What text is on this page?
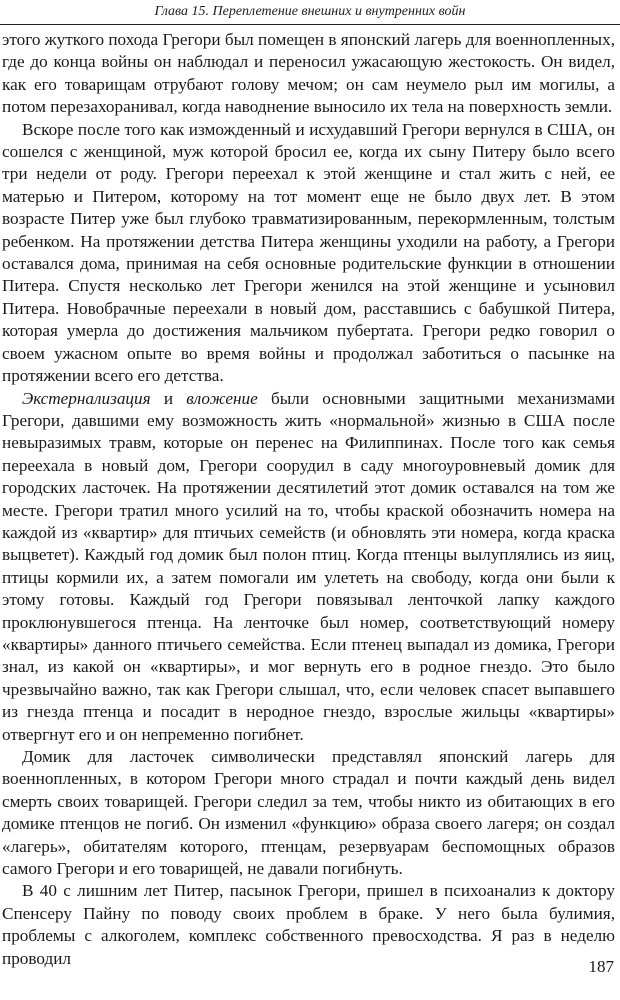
Глава 15. Переплетение внешних и внутренних войн

этого жуткого похода Грегори был помещен в японский лагерь для военнопленных, где до конца войны он наблюдал и переносил ужасающую жестокость. Он видел, как его товарищам отрубают голову мечом; он сам неумело рыл им могилы, а потом перезахоранивал, когда наводнение выносило их тела на поверхность земли.

Вскоре после того как изможденный и исхудавший Грегори вернулся в США, он сошелся с женщиной, муж которой бросил ее, когда их сыну Питеру было всего три недели от роду. Грегори переехал к этой женщине и стал жить с ней, ее матерью и Питером, которому на тот момент еще не было двух лет. В этом возрасте Питер уже был глубоко травматизированным, перекормленным, толстым ребенком. На протяжении детства Питера женщины уходили на работу, а Грегори оставался дома, принимая на себя основные родительские функции в отношении Питера. Спустя несколько лет Грегори женился на этой женщине и усыновил Питера. Новобрачные переехали в новый дом, расставшись с бабушкой Питера, которая умерла до достижения мальчиком пубертата. Грегори редко говорил о своем ужасном опыте во время войны и продолжал заботиться о пасынке на протяжении всего его детства.

Экстернализация и вложение были основными защитными механизмами Грегори, давшими ему возможность жить «нормальной» жизнью в США после невыразимых травм, которые он перенес на Филиппинах. После того как семья переехала в новый дом, Грегори соорудил в саду многоуровневый домик для городских ласточек. На протяжении десятилетий этот домик оставался на том же месте. Грегори тратил много усилий на то, чтобы краской обозначить номера на каждой из «квартир» для птичьих семейств (и обновлять эти номера, когда краска выцветет). Каждый год домик был полон птиц. Когда птенцы вылуплялись из яиц, птицы кормили их, а затем помогали им улететь на свободу, когда они были к этому готовы. Каждый год Грегори повязывал ленточкой лапку каждого проклюнувшегося птенца. На ленточке был номер, соответствующий номеру «квартиры» данного птичьего семейства. Если птенец выпадал из домика, Грегори знал, из какой он «квартиры», и мог вернуть его в родное гнездо. Это было чрезвычайно важно, так как Грегори слышал, что, если человек спасет выпавшего из гнезда птенца и посадит в неродное гнездо, взрослые жильцы «квартиры» отвергнут его и он непременно погибнет.

Домик для ласточек символически представлял японский лагерь для военнопленных, в котором Грегори много страдал и почти каждый день видел смерть своих товарищей. Грегори следил за тем, чтобы никто из обитающих в его домике птенцов не погиб. Он изменил «функцию» образа своего лагеря; он создал «лагерь», обитателям которого, птенцам, резервуарам беспомощных образов самого Грегори и его товарищей, не давали погибнуть.

В 40 с лишним лет Питер, пасынок Грегори, пришел в психоанализ к доктору Спенсеру Пайну по поводу своих проблем в браке. У него была булимия, проблемы с алкоголем, комплекс собственного превосходства. Я раз в неделю проводил	187
